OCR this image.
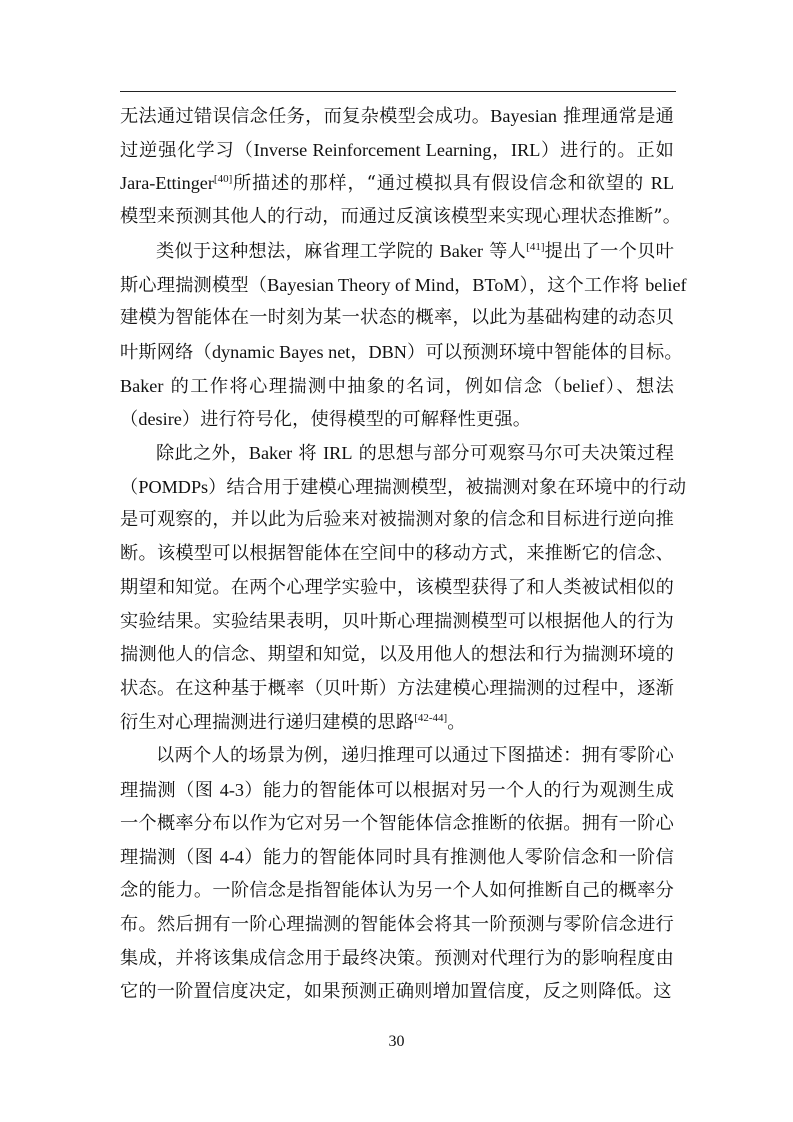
无法通过错误信念任务，而复杂模型会成功。Bayesian 推理通常是通
过逆强化学习（Inverse Reinforcement Learning，IRL）进行的。正如
Jara-Ettinger[40]所描述的那样，“通过模拟具有假设信念和欲望的 RL
模型来预测其他人的行动，而通过反演该模型来实现心理状态推断”。
类似于这种想法，麻省理工学院的 Baker 等人[41]提出了一个贝叶
斯心理揣测模型（Bayesian Theory of Mind，BToM），这个工作将 belief
建模为智能体在一时刻为某一状态的概率，以此为基础构建的动态贝
叶斯网络（dynamic Bayes net，DBN）可以预测环境中智能体的目标。
Baker 的工作将心理揣测中抽象的名词，例如信念（belief）、想法
（desire）进行符号化，使得模型的可解释性更强。
除此之外，Baker 将 IRL 的思想与部分可观察马尔可夫决策过程
（POMDPs）结合用于建模心理揣测模型，被揣测对象在环境中的行动
是可观察的，并以此为后验来对被揣测对象的信念和目标进行逆向推
断。该模型可以根据智能体在空间中的移动方式，来推断它的信念、
期望和知觉。在两个心理学实验中，该模型获得了和人类被试相似的
实验结果。实验结果表明，贝叶斯心理揣测模型可以根据他人的行为
揣测他人的信念、期望和知觉，以及用他人的想法和行为揣测环境的
状态。在这种基于概率（贝叶斯）方法建模心理揣测的过程中，逐渐
衍生对心理揣测进行递归建模的思路[42-44]。
以两个人的场景为例，递归推理可以通过下图描述：拥有零阶心
理揣测（图 4-3）能力的智能体可以根据对另一个人的行为观测生成
一个概率分布以作为它对另一个智能体信念推断的依据。拥有一阶心
理揣测（图 4-4）能力的智能体同时具有推测他人零阶信念和一阶信
念的能力。一阶信念是指智能体认为另一个人如何推断自己的概率分
布。然后拥有一阶心理揣测的智能体会将其一阶预测与零阶信念进行
集成，并将该集成信念用于最终决策。预测对代理行为的影响程度由
它的一阶置信度决定，如果预测正确则增加置信度，反之则降低。这
30
